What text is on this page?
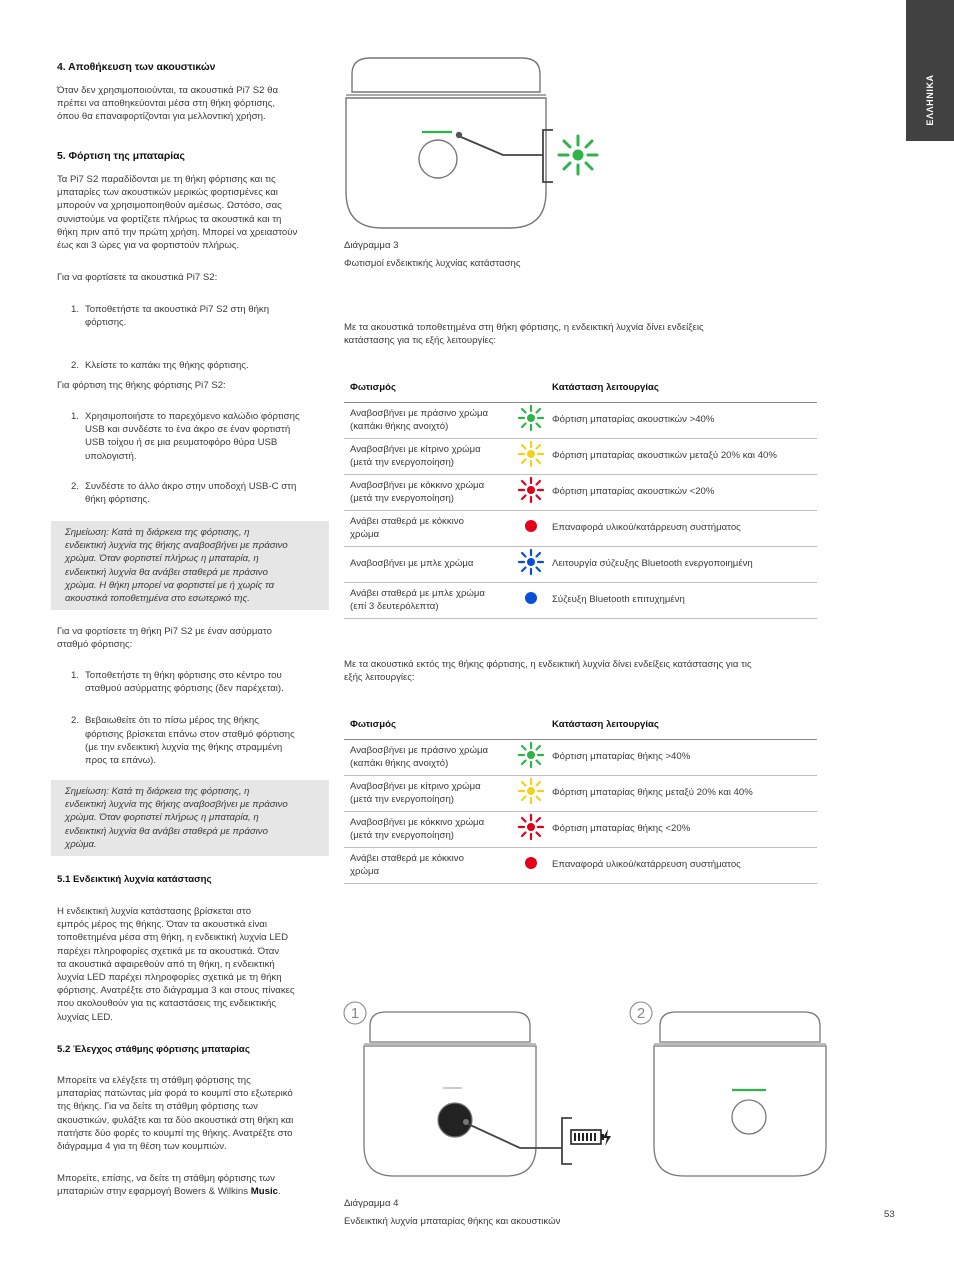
ΕΛΛΗΝΙΚΑ

4. Αποθήκευση των ακουστικών

Όταν δεν χρησιμοποιούνται, τα ακουστικά Pi7 S2 θα
πρέπει να αποθηκεύονται μέσα στη θήκη φόρτισης,
όπου θα επαναφορτίζονται για μελλοντική χρήση.

5. Φόρτιση της μπαταρίας

Τα Pi7 S2 παραδίδονται με τη θήκη φόρτισης και τις
μπαταρίες των ακουστικών μερικώς φορτισμένες και
μπορούν να χρησιμοποιηθούν αμέσως. Ωστόσο, σας
συνιστούμε να φορτίζετε πλήρως τα ακουστικά και τη
θήκη πριν από την πρώτη χρήση. Μπορεί να χρειαστούν
έως και 3 ώρες για να φορτιστούν πλήρως.

Για να φορτίσετε τα ακουστικά Pi7 S2:

1. Τοποθετήστε τα ακουστικά Pi7 S2 στη θήκη
φόρτισης.
2. Κλείστε το καπάκι της θήκης φόρτισης.

Για φόρτιση της θήκης φόρτισης Pi7 S2:

1. Χρησιμοποιήστε το παρεχόμενο καλώδιο φόρτισης
USB και συνδέστε το ένα άκρο σε έναν φορτιστή
USB τοίχου ή σε μια ρευματοφόρο θύρα USB
υπολογιστή.
2. Συνδέστε το άλλο άκρο στην υποδοχή USB-C στη
θήκη φόρτισης.
Σημείωση: Κατά τη διάρκεια της φόρτισης, η
ενδεικτική λυχνία της θήκης αναβοσβήνει με πράσινο
χρώμα. Όταν φορτιστεί πλήρως η μπαταρία, η
ενδεικτική λυχνία θα ανάβει σταθερά με πράσινο
χρώμα. Η θήκη μπορεί να φορτιστεί με ή χωρίς τα
ακουστικά τοποθετημένα στο εσωτερικό της.
Για να φορτίσετε τη θήκη Pi7 S2 με έναν ασύρματο
σταθμό φόρτισης:
1. Τοποθετήστε τη θήκη φόρτισης στο κέντρο του
σταθμού ασύρματης φόρτισης (δεν παρέχεται).
2. Βεβαιωθείτε ότι το πίσω μέρος της θήκης
φόρτισης βρίσκεται επάνω στον σταθμό φόρτισης
(με την ενδεικτική λυχνία της θήκης στραμμένη
προς τα επάνω).
Σημείωση: Κατά τη διάρκεια της φόρτισης, η
ενδεικτική λυχνία της θήκης αναβοσβήνει με πράσινο
χρώμα. Όταν φορτιστεί πλήρως η μπαταρία, η
ενδεικτική λυχνία θα ανάβει σταθερά με πράσινο
χρώμα.

5.1 Ενδεικτική λυχνία κατάστασης

Η ενδεικτική λυχνία κατάστασης βρίσκεται στο
εμπρός μέρος της θήκης. Όταν τα ακουστικά είναι
τοποθετημένα μέσα στη θήκη, η ενδεικτική λυχνία LED
παρέχει πληροφορίες σχετικά με τα ακουστικά. Όταν
τα ακουστικά αφαιρεθούν από τη θήκη, η ενδεικτική
λυχνία LED παρέχει πληροφορίες σχετικά με τη θήκη
φόρτισης. Ανατρέξτε στο διάγραμμα 3 και στους πίνακες
που ακολουθούν για τις καταστάσεις της ενδεικτικής
λυχνίας LED.

5.2 Έλεγχος στάθμης φόρτισης μπαταρίας

Μπορείτε να ελέγξετε τη στάθμη φόρτισης της
μπαταρίας πατώντας μία φορά το κουμπί στο εξωτερικό
της θήκης. Για να δείτε τη στάθμη φόρτισης των
ακουστικών, φυλάξτε και τα δύο ακουστικά στη θήκη και
πατήστε δύο φορές το κουμπί της θήκης. Ανατρέξτε στο
διάγραμμα 4 για τη θέση των κουμπιών.
Μπορείτε, επίσης, να δείτε τη στάθμη φόρτισης των
μπαταριών στην εφαρμογή Bowers & Wilkins Music.
Διάγραμμα 3
Φωτισμοί ενδεικτικής λυχνίας κατάστασης
Με τα ακουστικά τοποθετημένα στη θήκη φόρτισης, η ενδεικτική λυχνία δίνει ενδείξεις
κατάστασης για τις εξής λειτουργίες:
Φωτισμός		Κατάσταση λειτουργίας

Αναβοσβήνει με πράσινο χρώμα
(καπάκι θήκης ανοιχτό)		Φόρτιση μπαταρίας ακουστικών >40%

Αναβοσβήνει με κίτρινο χρώμα
(μετά την ενεργοποίηση)		Φόρτιση μπαταρίας ακουστικών μεταξύ 20% και 40%

Αναβοσβήνει με κόκκινο χρώμα
(μετά την ενεργοποίηση)		Φόρτιση μπαταρίας ακουστικών <20%

Ανάβει σταθερά με κόκκινο
χρώμα		Επαναφορά υλικού/κατάρρευση συστήματος

Αναβοσβήνει με μπλε χρώμα		Λειτουργία σύζευξης Bluetooth ενεργοποιημένη

Ανάβει σταθερά με μπλε χρώμα
(επί 3 δευτερόλεπτα)		Σύζευξη Bluetooth επιτυχημένη
Με τα ακουστικά εκτός της θήκης φόρτισης, η ενδεικτική λυχνία δίνει ενδείξεις κατάστασης για τις
εξής λειτουργίες:
Φωτισμός		Κατάσταση λειτουργίας

Αναβοσβήνει με πράσινο χρώμα
(καπάκι θήκης ανοιχτό)		Φόρτιση μπαταρίας θήκης >40%

Αναβοσβήνει με κίτρινο χρώμα
(μετά την ενεργοποίηση)		Φόρτιση μπαταρίας θήκης μεταξύ 20% και 40%

Αναβοσβήνει με κόκκινο χρώμα
(μετά την ενεργοποίηση)		Φόρτιση μπαταρίας θήκης <20%

Ανάβει σταθερά με κόκκινο
χρώμα		Επαναφορά υλικού/κατάρρευση συστήματος
1	2
Διάγραμμα 4
Ενδεικτική λυχνία μπαταρίας θήκης και ακουστικών
53
